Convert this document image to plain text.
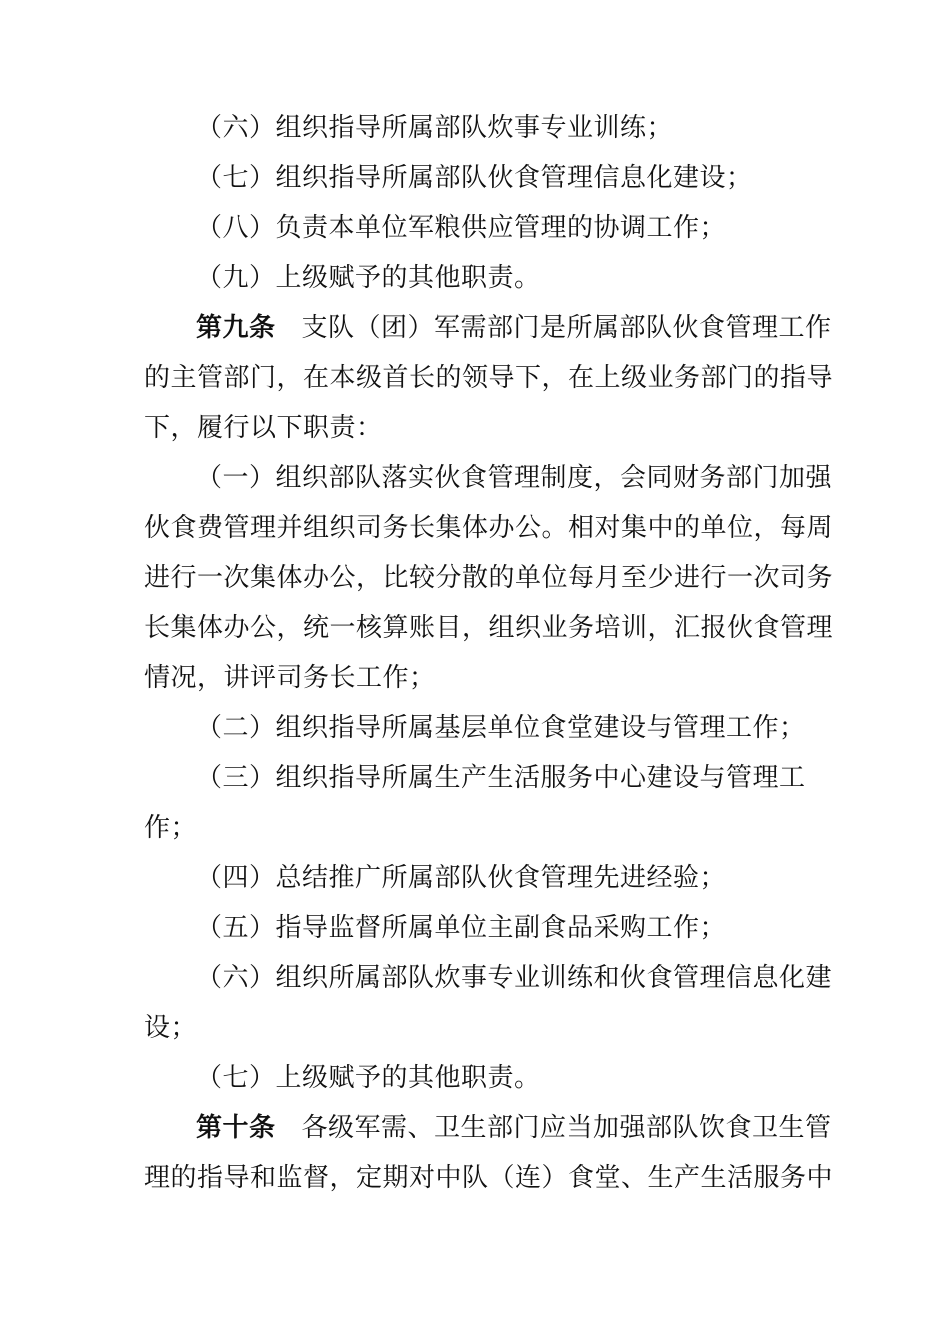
（六）组织指导所属部队炊事专业训练；
（七）组织指导所属部队伙食管理信息化建设；
（八）负责本单位军粮供应管理的协调工作；
（九）上级赋予的其他职责。
第九条 支队（团）军需部门是所属部队伙食管理工作
的主管部门，在本级首长的领导下，在上级业务部门的指导
下，履行以下职责：
（一）组织部队落实伙食管理制度，会同财务部门加强
伙食费管理并组织司务长集体办公。相对集中的单位，每周
进行一次集体办公，比较分散的单位每月至少进行一次司务
长集体办公，统一核算账目，组织业务培训，汇报伙食管理
情况，讲评司务长工作；
（二）组织指导所属基层单位食堂建设与管理工作；
（三）组织指导所属生产生活服务中心建设与管理工
作；
（四）总结推广所属部队伙食管理先进经验；
（五）指导监督所属单位主副食品采购工作；
（六）组织所属部队炊事专业训练和伙食管理信息化建
设；
（七）上级赋予的其他职责。
第十条 各级军需、卫生部门应当加强部队饮食卫生管
理的指导和监督，定期对中队（连）食堂、生产生活服务中
